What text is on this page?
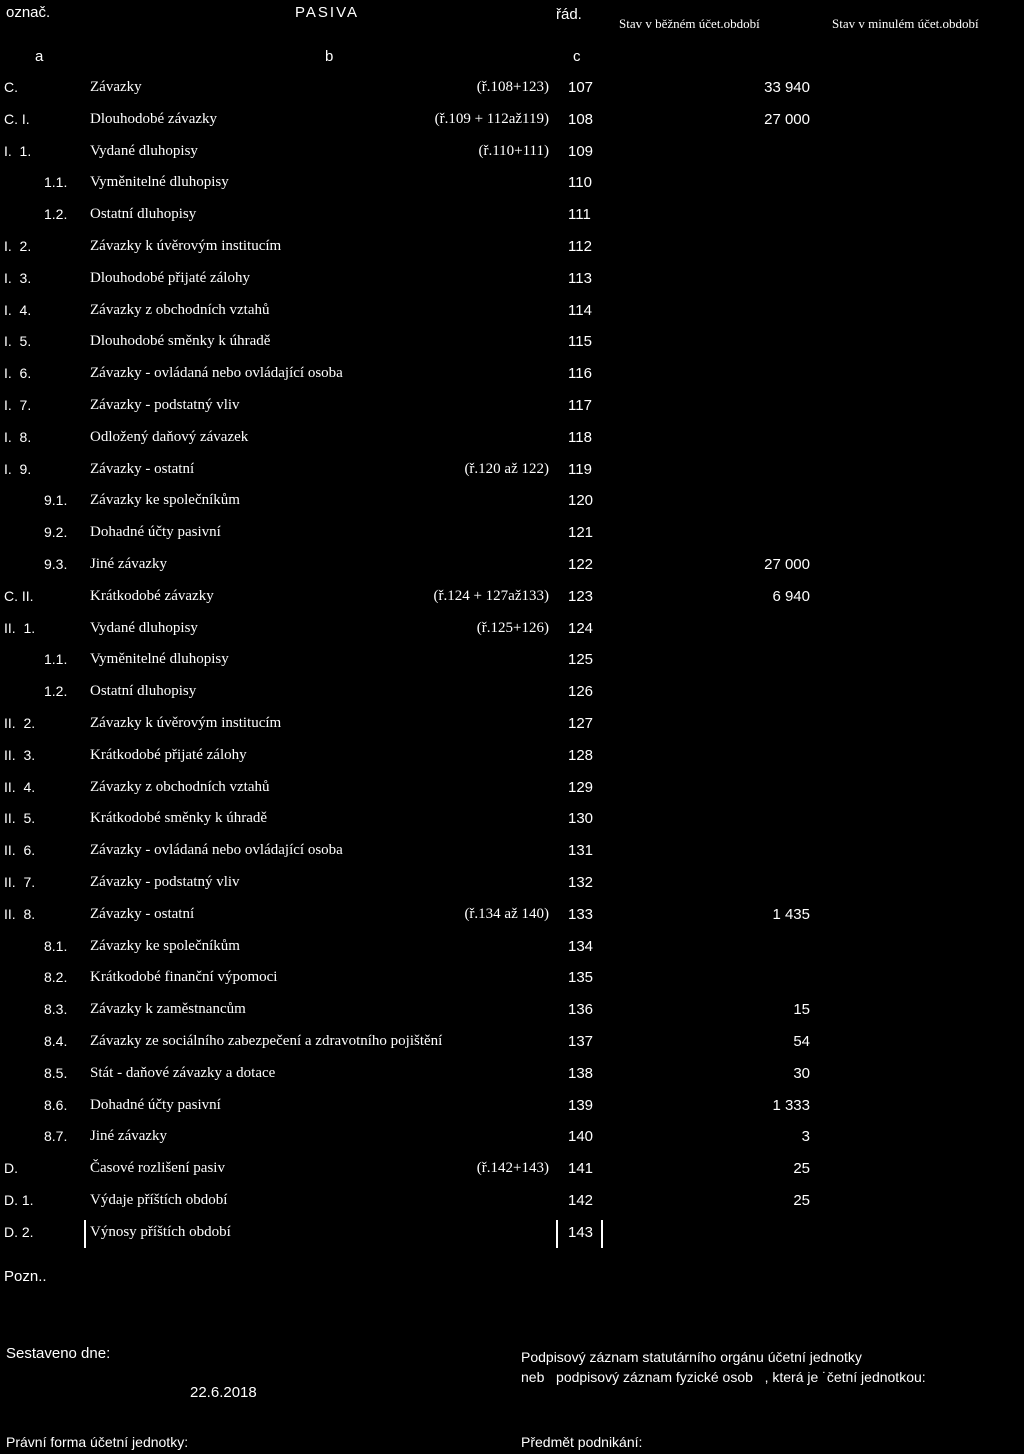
označ.	PASIVA	řád.
Stav v běžném účet.období	Stav v minulém účet.období
a	b	c
C.	Závazky	(ř.108+123) 107	33 940
C. I.	Dlouhodobé závazky	(ř.109 + 112až119) 108	27 000
I.  1.	Vydané dluhopisy	(ř.110+111) 109
1.1. Vyměnitelné dluhopisy	110
1.2. Ostatní dluhopisy	111
I.  2.	Závazky k úvěrovým institucím	112
I.  3.	Dlouhodobé přijaté zálohy	113
I.  4.	Závazky z obchodních vztahů	114
I.  5.	Dlouhodobé směnky k úhradě	115
I.  6.	Závazky - ovládaná nebo ovládající osoba	116
I.  7.	Závazky - podstatný vliv	117
I.  8.	Odložený daňový závazek	118
I.  9.	Závazky - ostatní	(ř.120 až 122) 119
9.1. Závazky ke společníkům	120
9.2. Dohadné účty pasivní	121
9.3. Jiné závazky	122	27 000
C. II.	Krátkodobé závazky	(ř.124 + 127až133) 123	6 940
II.  1.	Vydané dluhopisy	(ř.125+126) 124
1.1. Vyměnitelné dluhopisy	125
1.2. Ostatní dluhopisy	126
II.  2.	Závazky k úvěrovým institucím	127
II.  3.	Krátkodobé přijaté zálohy	128
II.  4.	Závazky z obchodních vztahů	129
II.  5.	Krátkodobé směnky k úhradě	130
II.  6.	Závazky - ovládaná nebo ovládající osoba	131
II.  7.	Závazky - podstatný vliv	132
II.  8.	Závazky - ostatní	(ř.134 až 140) 133	1 435
8.1. Závazky ke společníkům	134
8.2. Krátkodobé finanční výpomoci	135
8.3. Závazky k zaměstnancům	136	15
8.4. Závazky ze sociálního zabezpečení a zdravotního pojištění	137	54
8.5. Stát - daňové závazky a dotace	138	30
8.6. Dohadné účty pasivní	139	1 333
8.7. Jiné závazky	140	3
D.	Časové rozlišení pasiv	(ř.142+143) 141	25
D. 1.	Výdaje příštích období	142	25
D. 2.	Výnosy příštích období	143
Pozn..
Sestaveno dne:
22.6.2018
Podpisový záznam statutárního orgánu účetní jednotky
neb   podpisový záznam fyzické osob   , která je ˙četní jednotkou:
Právní forma účetní jednotky:	Předmět podnikání:
